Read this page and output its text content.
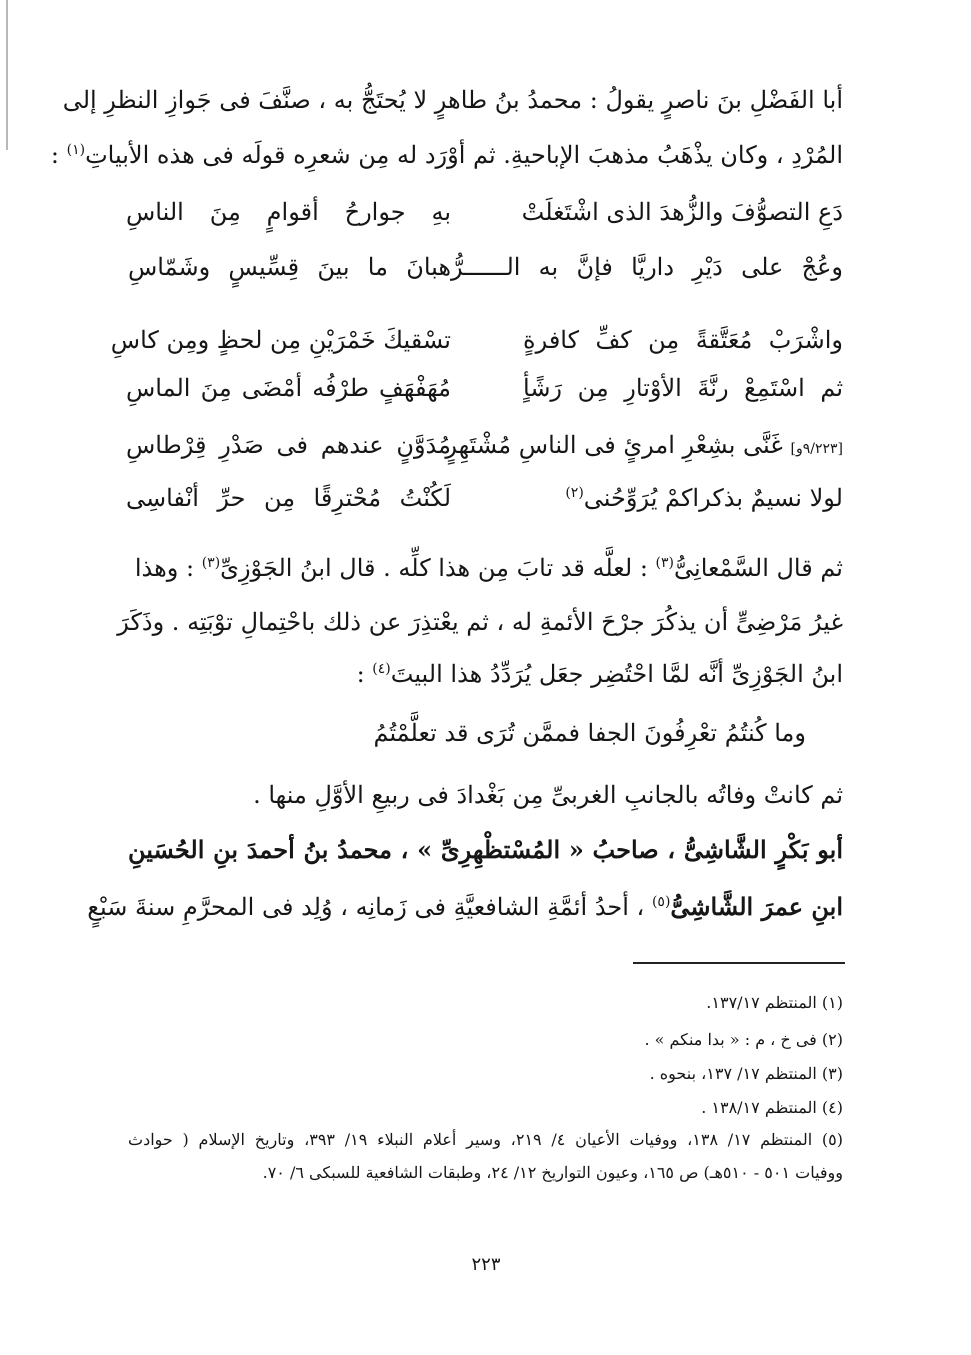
أبا الفَضْلِ بنَ ناصرٍ يقولُ : محمدُ بنُ طاهرٍ لا يُحتَجُّ به ، صنَّفَ فى جَوازِ النظرِ إلى
المُرْدِ ، وكان يذْهَبُ مذهبَ الإباحيةِ. ثم أوْرَد له مِن شعرِه قولَه فى هذه الأبياتِ$^{(١)}$ :
دَعِ التصوُّفَ والزُّهدَ الذى اشْتَغلَتْ
بهِ جوارحُ أقوامٍ مِنَ الناسِ
وعُجْ على دَيْرِ داريَّا فإنَّ به الــــــرُّهبانَ ما بينَ قِسِّيسٍ وشَمّاسِ
واشْرَبْ مُعَتَّقةً مِن كفِّ كافرةٍ
تسْقيكَ خَمْرَيْنِ مِن لحظٍ ومِن كاسِ
ثم اسْتَمِعْ رنَّةَ الأوْتارِ مِن رَشًأٍ
مُهَفْهَفٍ طرْفُه أمْضَى مِنَ الماسِ
[٩/٢٢٣و] غَنَّى بشِعْرِ امرئٍ فى الناسِ مُشْتَهِرٍ
مُدَوَّنٍ عندهم فى صَدْرِ قِرْطاسِ
لولا نسيمٌ بذكراكمْ يُرَوِّحُنى$^{(٢)}$
لَكُنْتُ مُحْترِقًا مِن حرِّ أنْفاسِى
ثم قال السَّمْعانِىُّ$^{(٣)}$ : لعلَّه قد تابَ مِن هذا كلِّه . قال ابنُ الجَوْزِىِّ$^{(٣)}$ : وهذا
غيرُ مَرْضِىٍّ أن يذكُرَ جرْحَ الأئمةِ له ، ثم يعْتذِرَ عن ذلك باحْتِمالِ توْبَتِه . وذَكَرَ
ابنُ الجَوْزِىِّ أنَّه لمَّا احْتُضِر جعَل يُرَدِّدُ هذا البيتَ$^{(٤)}$ :
وما كُنتُمُ تعْرِفُونَ الجفا فممَّن تُرَى قد تعلَّمْتُمُ
ثم كانتْ وفاتُه بالجانبِ الغربىِّ مِن بَغْدادَ فى ربيعِ الأوَّلِ منها .
أبو بَكْرٍ الشَّاشِىُّ ، صاحبُ « المُسْتظْهِرِىِّ » ، محمدُ بنُ أحمدَ بنِ الحُسَينِ
ابنِ عمرَ الشَّاشِىُّ$^{(٥)}$ ، أحدُ أئمَّةِ الشافعيَّةِ فى زَمانِه ، وُلِد فى المحرَّمِ سنةَ سَبْعٍ
(١) المنتظم ١٣٧/١٧.
(٢) فى خ ، م : « بدا منكم » .
(٣) المنتظم ١٧/ ١٣٧، بنحوه .
(٤) المنتظم ١٣٨/١٧ .
(٥) المنتظم ١٧/ ١٣٨، ووفيات الأعيان ٤/ ٢١٩، وسير أعلام النبلاء ١٩/ ٣٩٣، وتاريخ الإسلام ( حوادث
ووفيات ٥٠١ - ٥١٠هـ) ص ١٦٥، وعيون التواريخ ١٢/ ٢٤، وطبقات الشافعية للسبكى ٦/ ٧٠.
٢٢٣
